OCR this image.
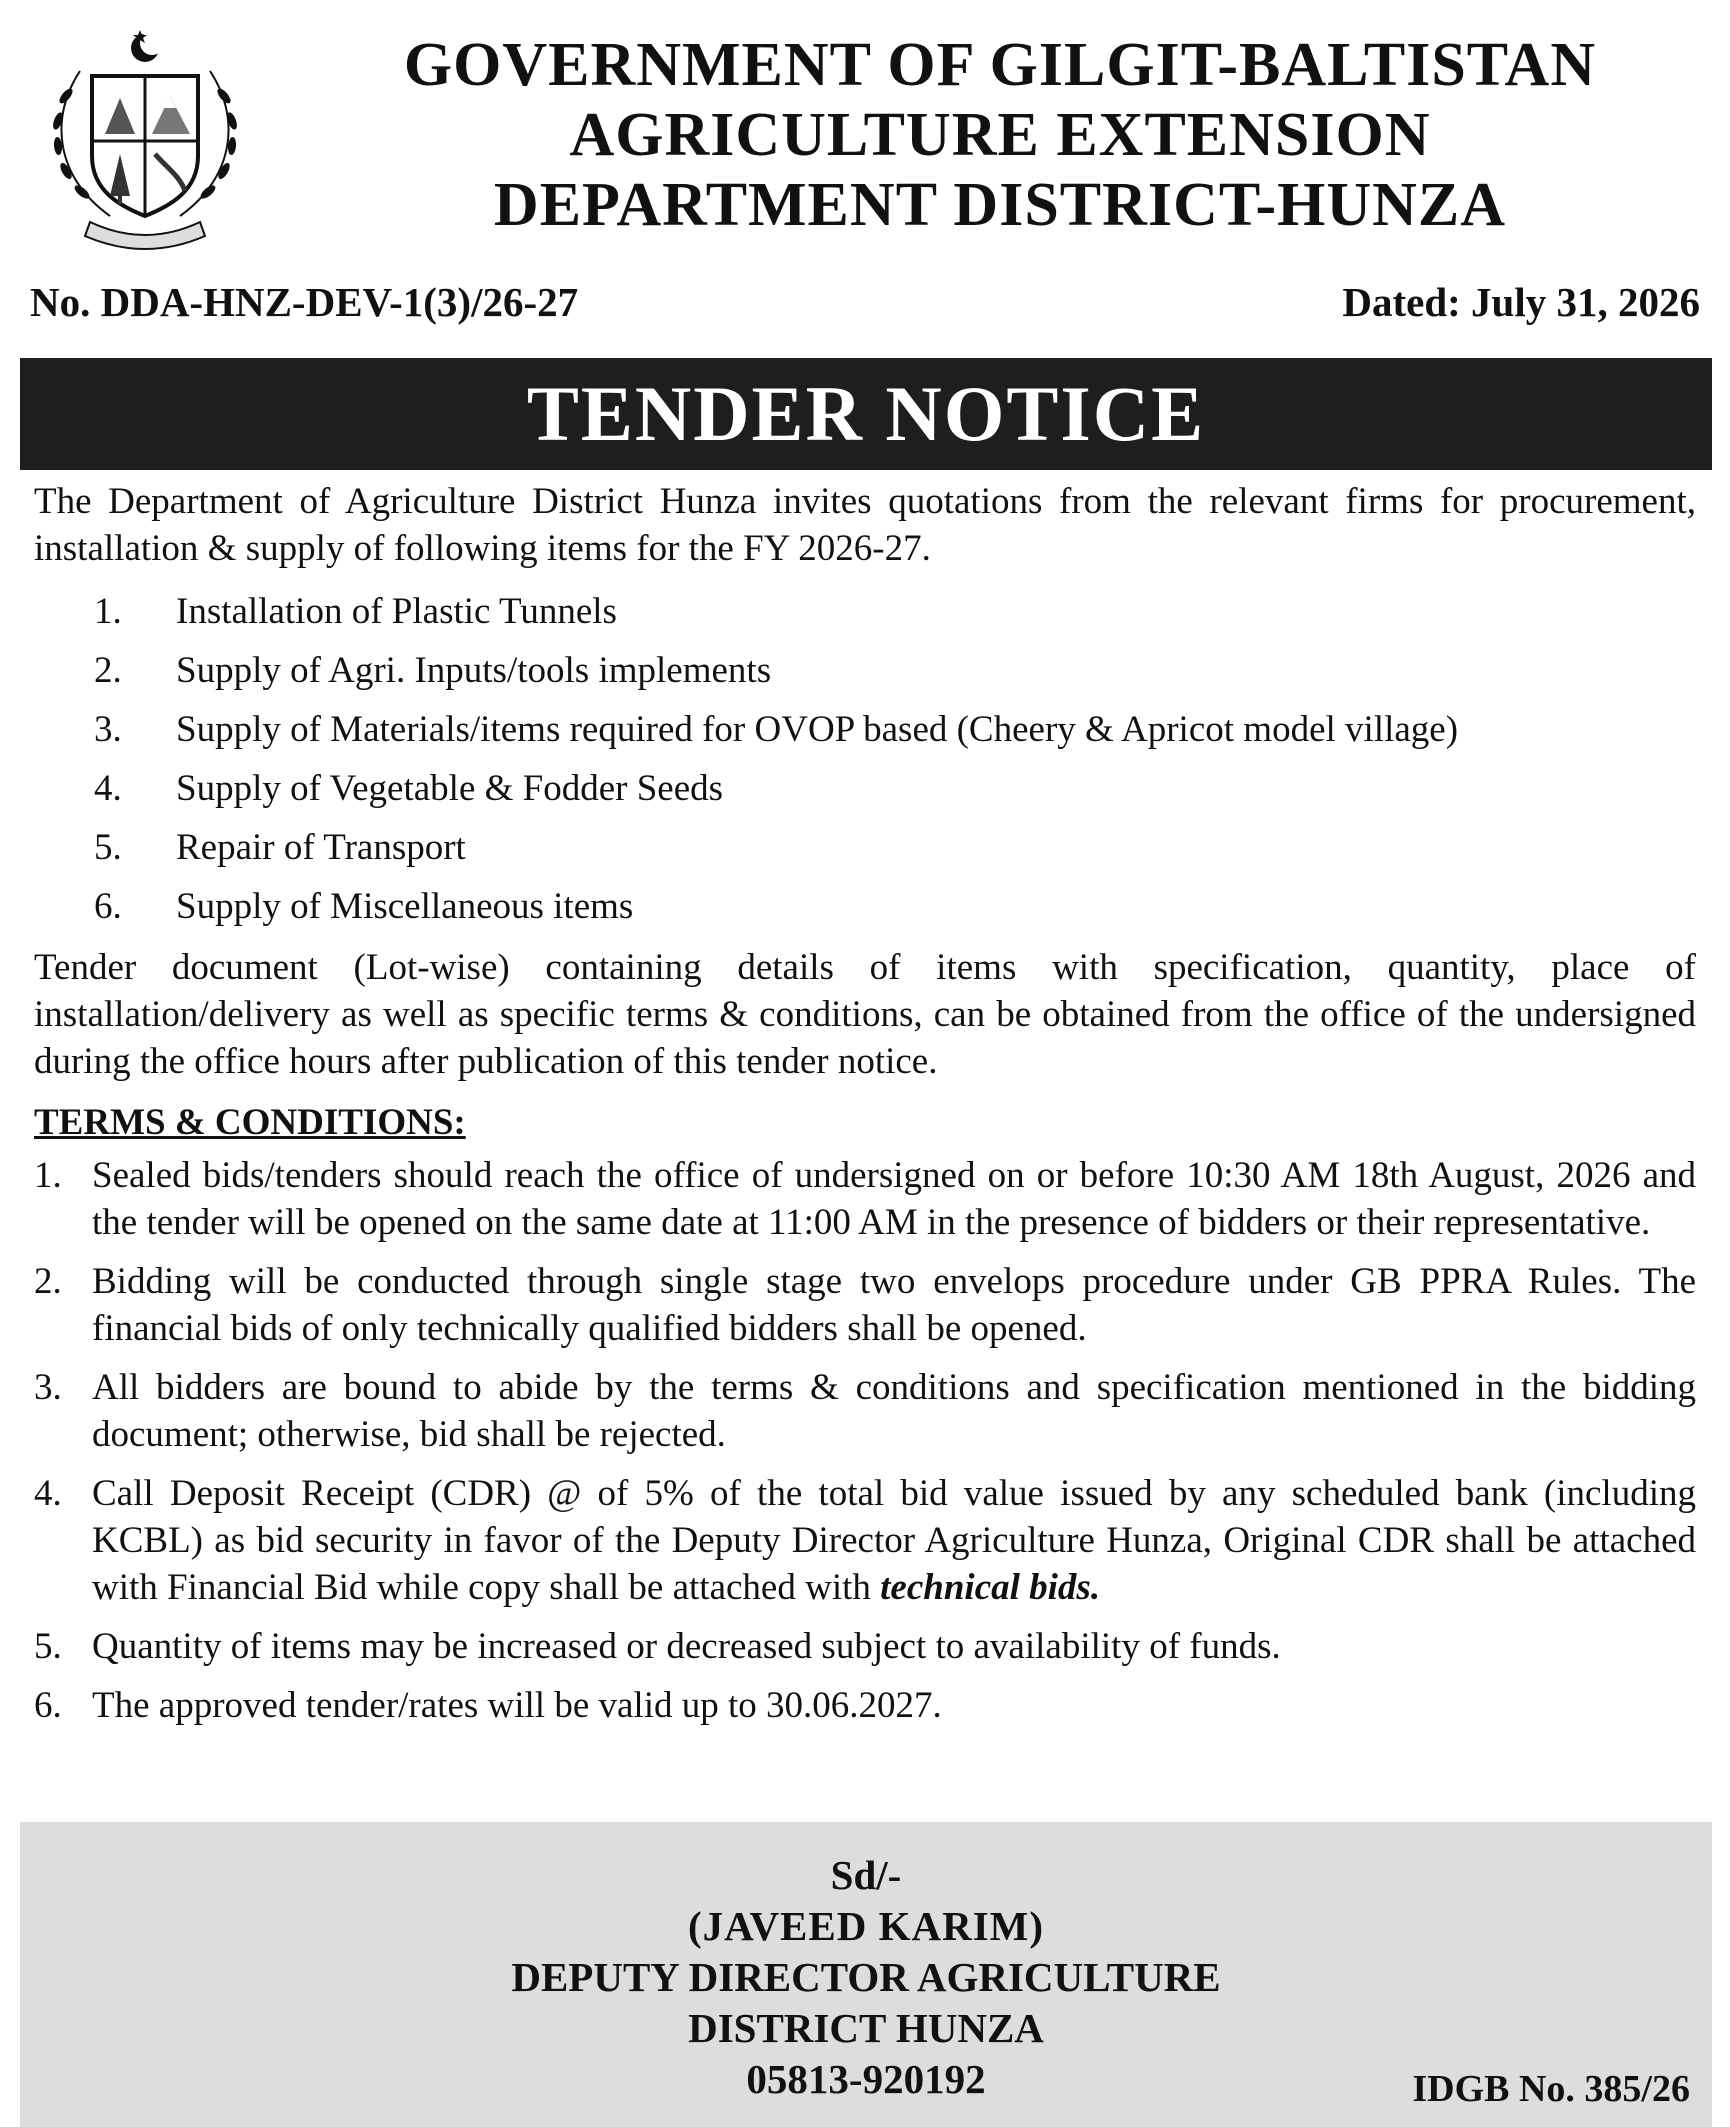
GOVERNMENT OF GILGIT-BALTISTAN
AGRICULTURE EXTENSION
DEPARTMENT DISTRICT-HUNZA
No. DDA-HNZ-DEV-1(3)/26-27	Dated: July 31, 2026
TENDER NOTICE

The Department of Agriculture District Hunza invites quotations from the relevant firms for procurement, installation & supply of following items for the FY 2026-27.

1.	Installation of Plastic Tunnels
2.	Supply of Agri. Inputs/tools implements
3.	Supply of Materials/items required for OVOP based (Cheery & Apricot model village)
4.	Supply of Vegetable & Fodder Seeds
5.	Repair of Transport
6.	Supply of Miscellaneous items

Tender document (Lot-wise) containing details of items with specification, quantity, place of installation/delivery as well as specific terms & conditions, can be obtained from the office of the undersigned during the office hours after publication of this tender notice.

TERMS & CONDITIONS:
1. Sealed bids/tenders should reach the office of undersigned on or before 10:30 AM 18th August, 2026 and the tender will be opened on the same date at 11:00 AM in the presence of bidders or their representative.
2. Bidding will be conducted through single stage two envelops procedure under GB PPRA Rules. The financial bids of only technically qualified bidders shall be opened.
3. All bidders are bound to abide by the terms & conditions and specification mentioned in the bidding document; otherwise, bid shall be rejected.
4. Call Deposit Receipt (CDR) @ of 5% of the total bid value issued by any scheduled bank (including KCBL) as bid security in favor of the Deputy Director Agriculture Hunza, Original CDR shall be attached with Financial Bid while copy shall be attached with technical bids.
5. Quantity of items may be increased or decreased subject to availability of funds.
6. The approved tender/rates will be valid up to 30.06.2027.
Sd/-
(JAVEED KARIM)
DEPUTY DIRECTOR AGRICULTURE
DISTRICT HUNZA
05813-920192	IDGB No. 385/26
